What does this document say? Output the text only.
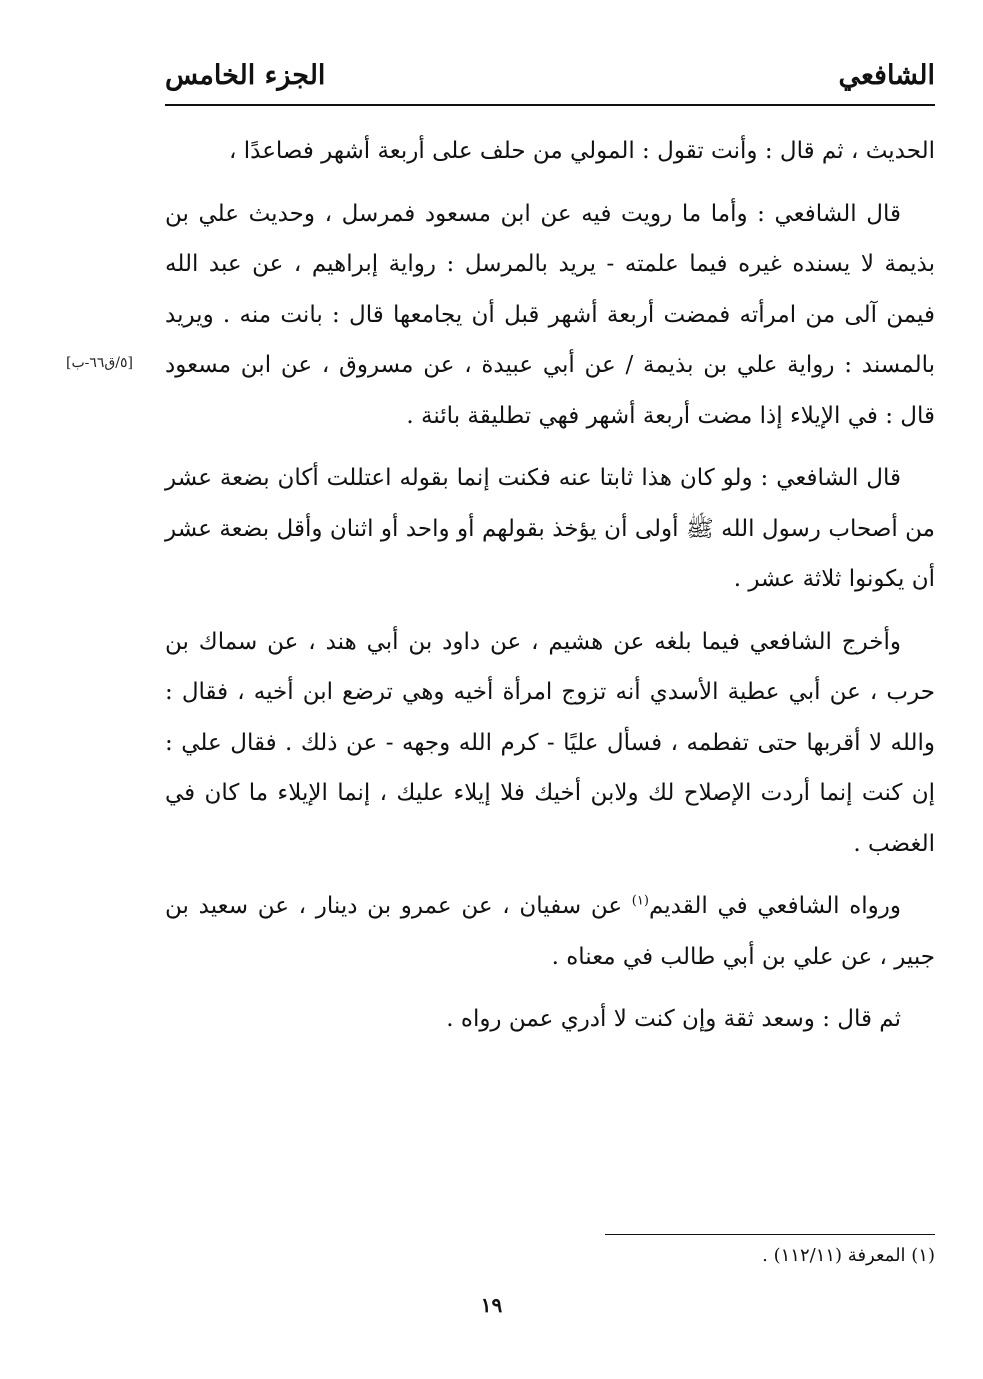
الشافعي
الجزء الخامس
[٥/ق٦٦-ب]

الحديث ، ثم قال : وأنت تقول : المولي من حلف على أربعة أشهر فصاعدًا ،

قال الشافعي : وأما ما رويت فيه عن ابن مسعود فمرسل ، وحديث علي بن بذيمة لا يسنده غيره فيما علمته - يريد بالمرسل : رواية إبراهيم ، عن عبد الله فيمن آلى من امرأته فمضت أربعة أشهر قبل أن يجامعها قال : بانت منه . ويريد بالمسند : رواية علي بن بذيمة / عن أبي عبيدة ، عن مسروق ، عن ابن مسعود قال : في الإيلاء إذا مضت أربعة أشهر فهي تطليقة بائنة .

قال الشافعي : ولو كان هذا ثابتا عنه فكنت إنما بقوله اعتللت أكان بضعة عشر من أصحاب رسول الله ﷺ أولى أن يؤخذ بقولهم أو واحد أو اثنان وأقل بضعة عشر أن يكونوا ثلاثة عشر .

وأخرج الشافعي فيما بلغه عن هشيم ، عن داود بن أبي هند ، عن سماك بن حرب ، عن أبي عطية الأسدي أنه تزوج امرأة أخيه وهي ترضع ابن أخيه ، فقال : والله لا أقربها حتى تفطمه ، فسأل عليًا - كرم الله وجهه - عن ذلك . فقال علي : إن كنت إنما أردت الإصلاح لك ولابن أخيك فلا إيلاء عليك ، إنما الإيلاء ما كان في الغضب .

ورواه الشافعي في القديم$^{(١)}$ عن سفيان ، عن عمرو بن دينار ، عن سعيد بن جبير ، عن علي بن أبي طالب في معناه .

ثم قال : وسعد ثقة وإن كنت لا أدري عمن رواه .

(١) المعرفة (١١٢/١١) .
١٩
